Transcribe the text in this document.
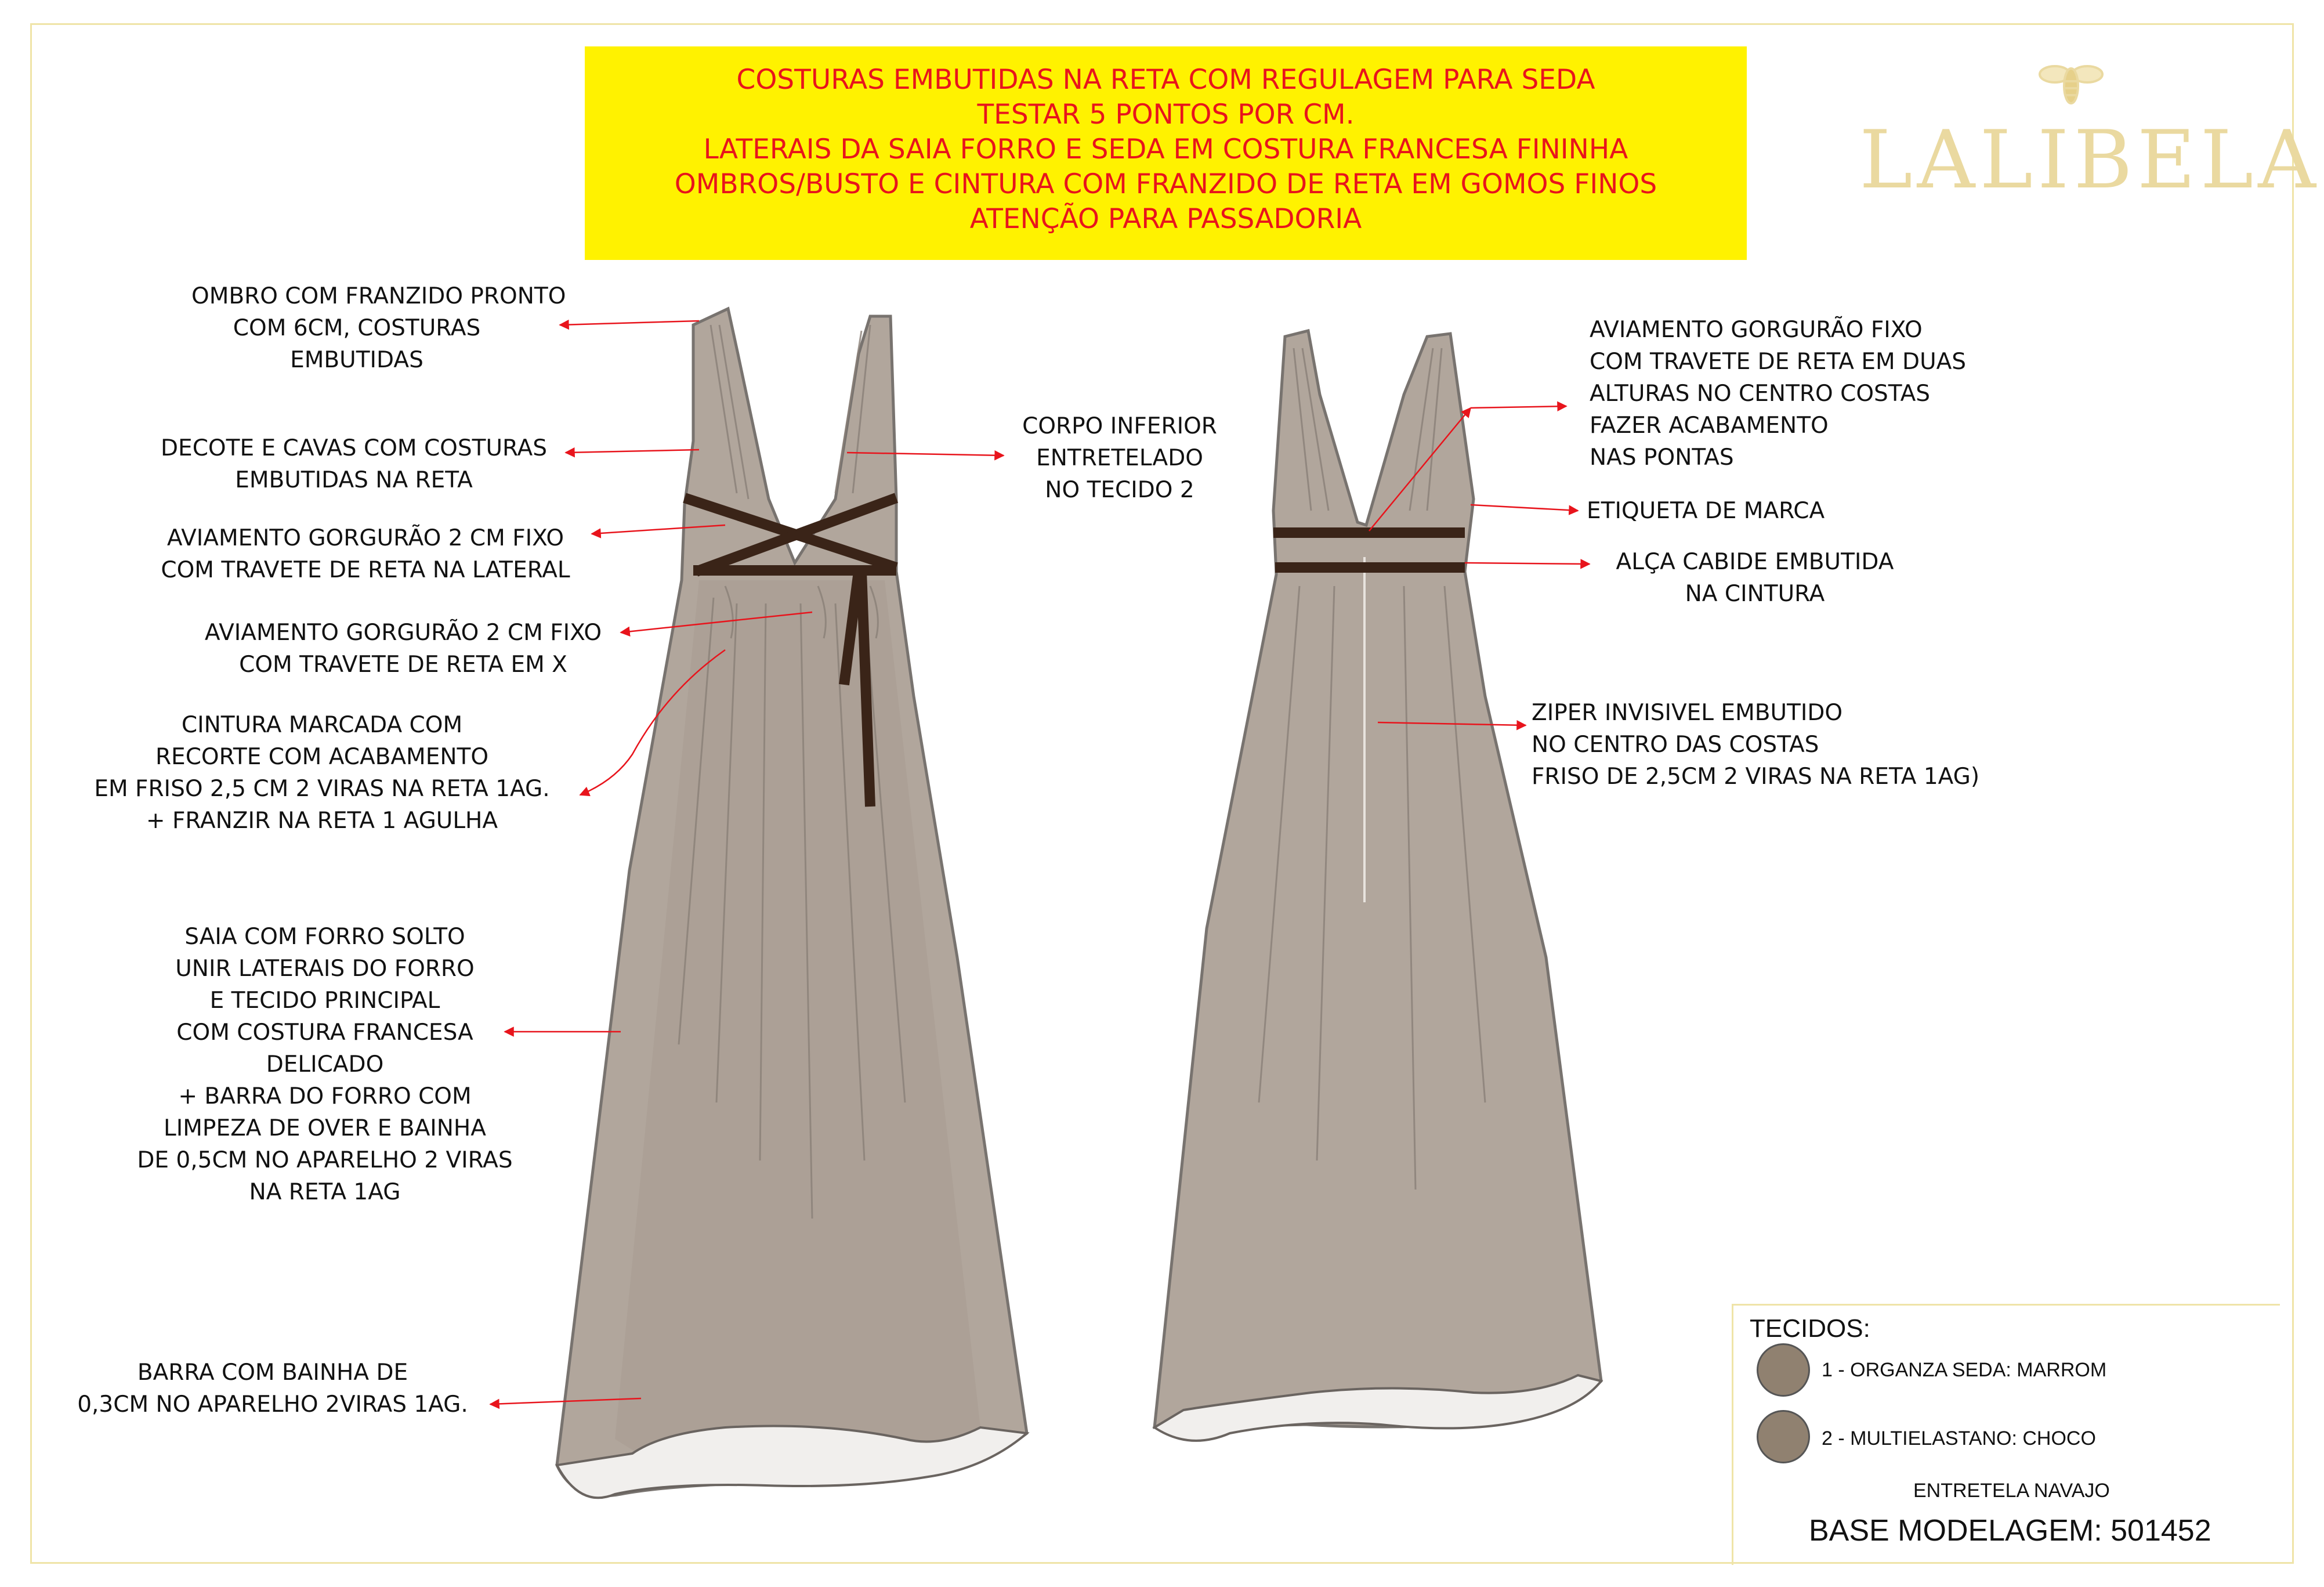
COSTURAS EMBUTIDAS NA RETA COM REGULAGEM PARA SEDA
TESTAR 5 PONTOS POR CM.
LATERAIS DA SAIA FORRO E SEDA EM COSTURA FRANCESA FININHA
OMBROS/BUSTO E CINTURA COM FRANZIDO DE RETA EM GOMOS FINOS
ATENÇÃO PARA PASSADORIA
LALIBELA
OMBRO COM FRANZIDO PRONTO
COM 6CM, COSTURAS
EMBUTIDAS
DECOTE E CAVAS COM COSTURAS
EMBUTIDAS NA RETA
AVIAMENTO GORGURÃO 2 CM FIXO
COM TRAVETE DE RETA NA LATERAL
AVIAMENTO GORGURÃO 2 CM FIXO
COM TRAVETE DE RETA EM X
CINTURA MARCADA COM
RECORTE COM ACABAMENTO
EM FRISO 2,5 CM 2 VIRAS NA RETA 1AG.
+ FRANZIR NA RETA 1 AGULHA
SAIA COM FORRO SOLTO
UNIR LATERAIS DO FORRO
E TECIDO PRINCIPAL
COM COSTURA FRANCESA
DELICADO
+ BARRA DO FORRO COM
LIMPEZA DE OVER E BAINHA
DE 0,5CM NO APARELHO 2 VIRAS
NA RETA 1AG
BARRA COM BAINHA DE
0,3CM NO APARELHO 2VIRAS 1AG.
CORPO INFERIOR
ENTRETELADO
NO TECIDO 2
AVIAMENTO GORGURÃO FIXO
COM TRAVETE DE RETA EM DUAS
ALTURAS NO CENTRO COSTAS
FAZER ACABAMENTO
NAS PONTAS
ETIQUETA DE MARCA
ALÇA CABIDE EMBUTIDA
NA CINTURA
ZIPER INVISIVEL EMBUTIDO
NO CENTRO DAS COSTAS
FRISO DE 2,5CM 2 VIRAS NA RETA 1AG)
TECIDOS:
1 - ORGANZA SEDA: MARROM
2 - MULTIELASTANO: CHOCO
ENTRETELA NAVAJO
BASE MODELAGEM: 501452
